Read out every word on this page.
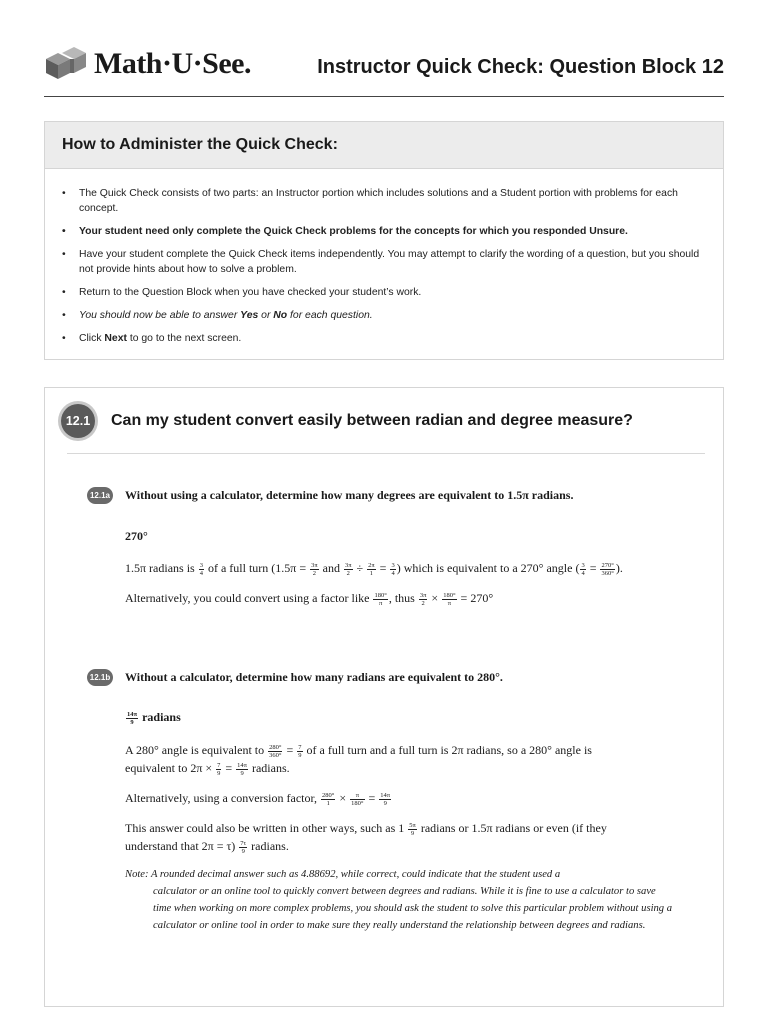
Math·U·See.	Instructor Quick Check: Question Block 12
How to Administer the Quick Check:
• The Quick Check consists of two parts: an Instructor portion which includes solutions and a Student portion with problems for each concept.
• Your student need only complete the Quick Check problems for the concepts for which you responded Unsure.
• Have your student complete the Quick Check items independently. You may attempt to clarify the wording of a question, but you should not provide hints about how to solve a problem.
• Return to the Question Block when you have checked your student’s work.
• You should now be able to answer Yes or No for each question.
• Click Next to go to the next screen.
12.1	Can my student convert easily between radian and degree measure?
12.1a Without using a calculator, determine how many degrees are equivalent to 1.5π radians.
270°
1.5π radians is $\frac{3}{4}$ of a full turn ($1.5\pi = \frac{3\pi}{2}$ and $\frac{3\pi}{2} \div \frac{2\pi}{1} = \frac{3}{4}$ ) which is equivalent to a 270° angle ( $\frac{3}{4} = \frac{270^\circ}{360^\circ}$ ).
Alternatively, you could convert using a factor like $\frac{180^\circ}{\pi}$ , thus $\frac{3\pi}{2} \times \frac{180^\circ}{\pi} = 270^\circ$
12.1b Without a calculator, determine how many radians are equivalent to 280°.
$\frac{14\pi}{9}$ radians
A 280° angle is equivalent to $\frac{280^\circ}{360^\circ} = \frac{7}{9}$ of a full turn and a full turn is 2π radians, so a 280° angle is
equivalent to $2\pi \times \frac{7}{9} = \frac{14\pi}{9}$ radians.
Alternatively, using a conversion factor, $\frac{280^\circ}{1} \times \frac{\pi}{180^\circ} = \frac{14\pi}{9}$
This answer could also be written in other ways, such as $1 \frac{5\pi}{9}$ radians or 1.5π radians or even (if they
understand that $2\pi = \tau) \frac{7\tau}{9}$ radians.
Note: A rounded decimal answer such as 4.88692, while correct, could indicate that the student used a
calculator or an online tool to quickly convert between degrees and radians. While it is fine to use a calculator to save time when working on more complex problems, you should ask the student to solve this particular problem without using a calculator or online tool in order to make sure they really understand the relationship between degrees and radians.
